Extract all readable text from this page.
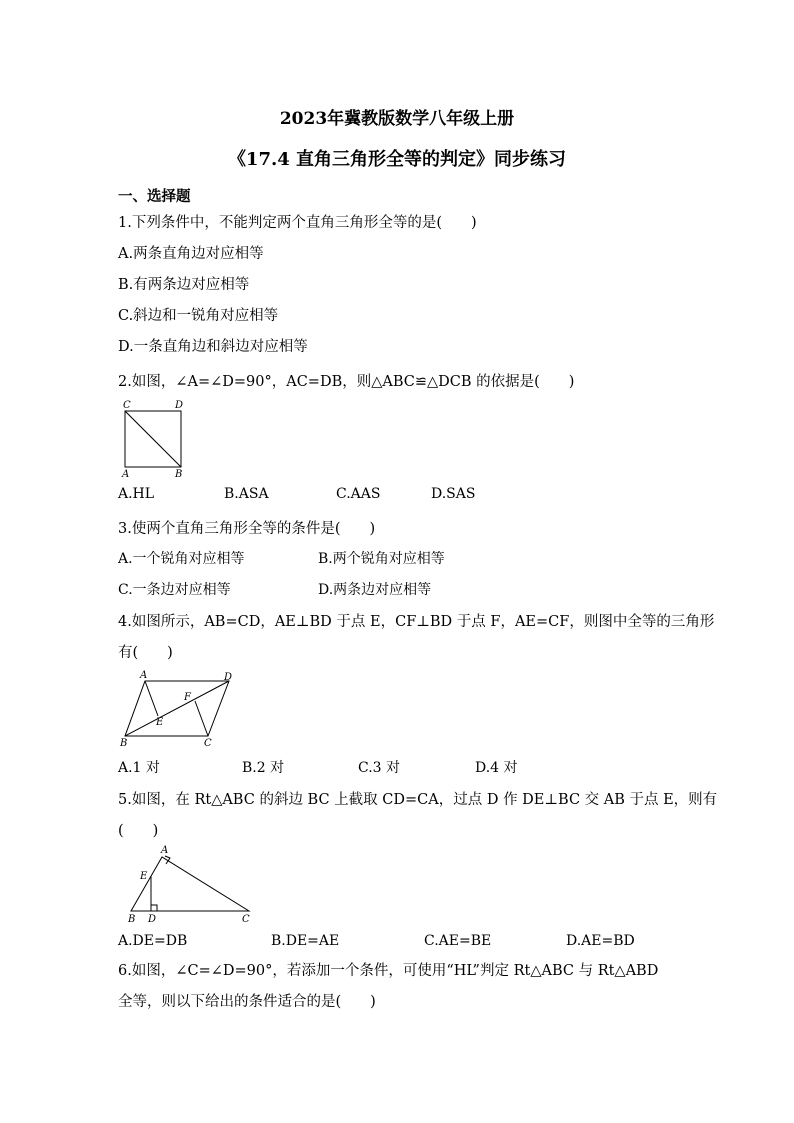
2023年冀教版数学八年级上册
《17.4 直角三角形全等的判定》同步练习
一、选择题
1.下列条件中，不能判定两个直角三角形全等的是(　　)
A.两条直角边对应相等
B.有两条边对应相等
C.斜边和一锐角对应相等
D.一条直角边和斜边对应相等
2.如图，∠A=∠D=90°，AC=DB，则△ABC≌△DCB 的依据是(　　)
C	D
A	B
A.HL	B.ASA	C.AAS	D.SAS
3.使两个直角三角形全等的条件是(　　)
A.一个锐角对应相等	B.两个锐角对应相等
C.一条边对应相等	D.两条边对应相等
4.如图所示，AB=CD，AE⊥BD 于点 E，CF⊥BD 于点 F，AE=CF，则图中全等的三角形
有(　　)
A	D
F
E
B	C
A.1 对	B.2 对	C.3 对	D.4 对
5.如图，在 Rt△ABC 的斜边 BC 上截取 CD=CA，过点 D 作 DE⊥BC 交 AB 于点 E，则有
(　　)
A
E
B D	C
A.DE=DB	B.DE=AE	C.AE=BE	D.AE=BD
6.如图，∠C=∠D=90°，若添加一个条件，可使用“HL”判定 Rt△ABC 与 Rt△ABD
全等，则以下给出的条件适合的是(　　)
